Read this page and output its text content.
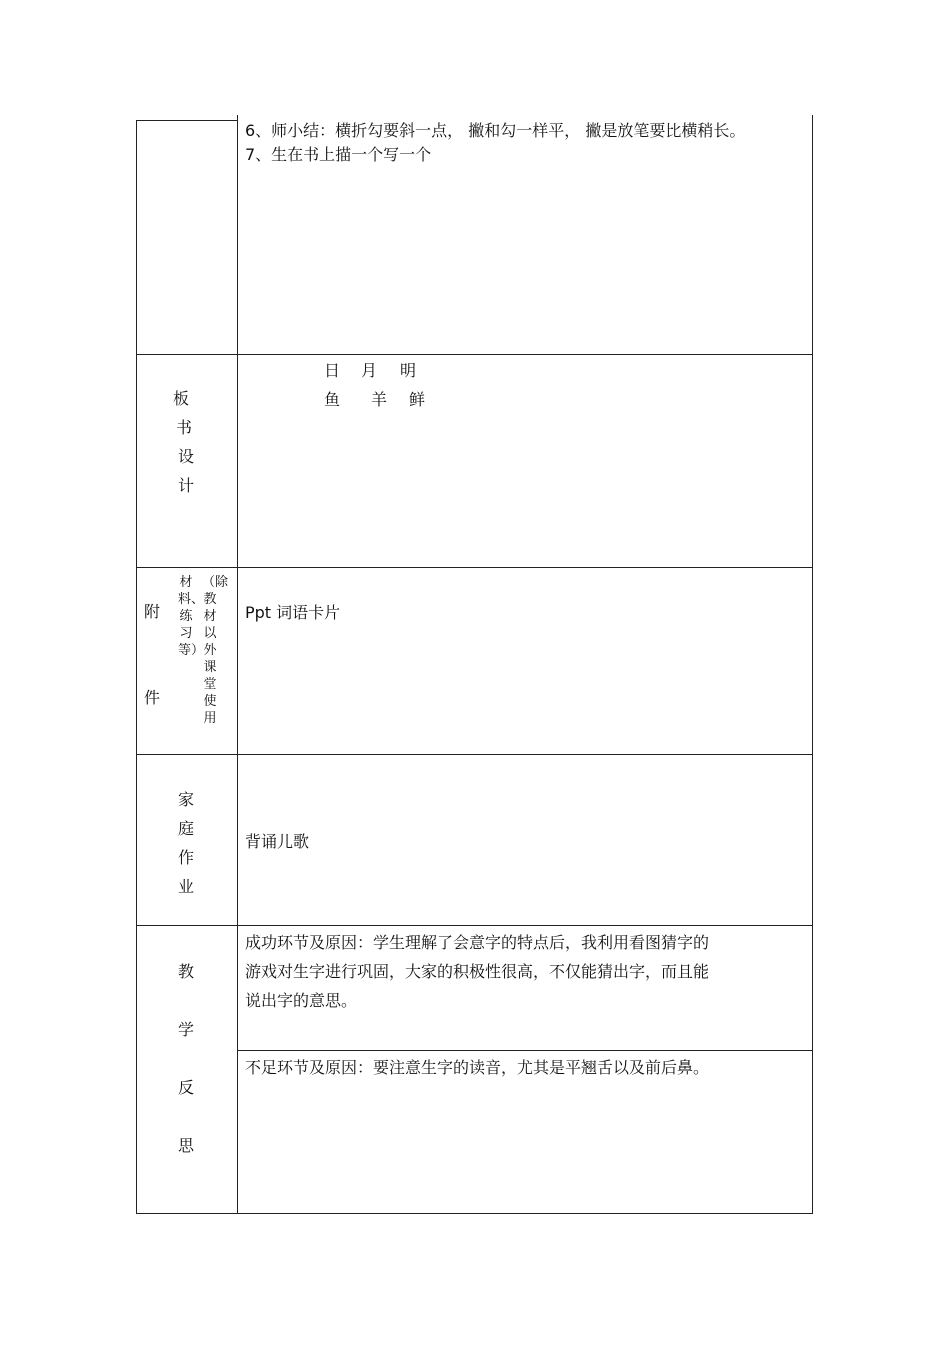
6、师小结：横折勾要斜一点， 撇和勾一样平， 撇是放笔要比横稍长。
7、生在书上描一个写一个
板
书
设
计
日 月 明
鱼 羊 鲜
附
件
材料、练习等）
（除教材以外课堂使用
Ppt 词语卡片
家
庭
作
业
背诵儿歌
教
学
反
思
成功环节及原因：学生理解了会意字的特点后，我利用看图猜字的
游戏对生字进行巩固，大家的积极性很高，不仅能猜出字，而且能
说出字的意思。
不足环节及原因：要注意生字的读音，尤其是平翘舌以及前后鼻。
